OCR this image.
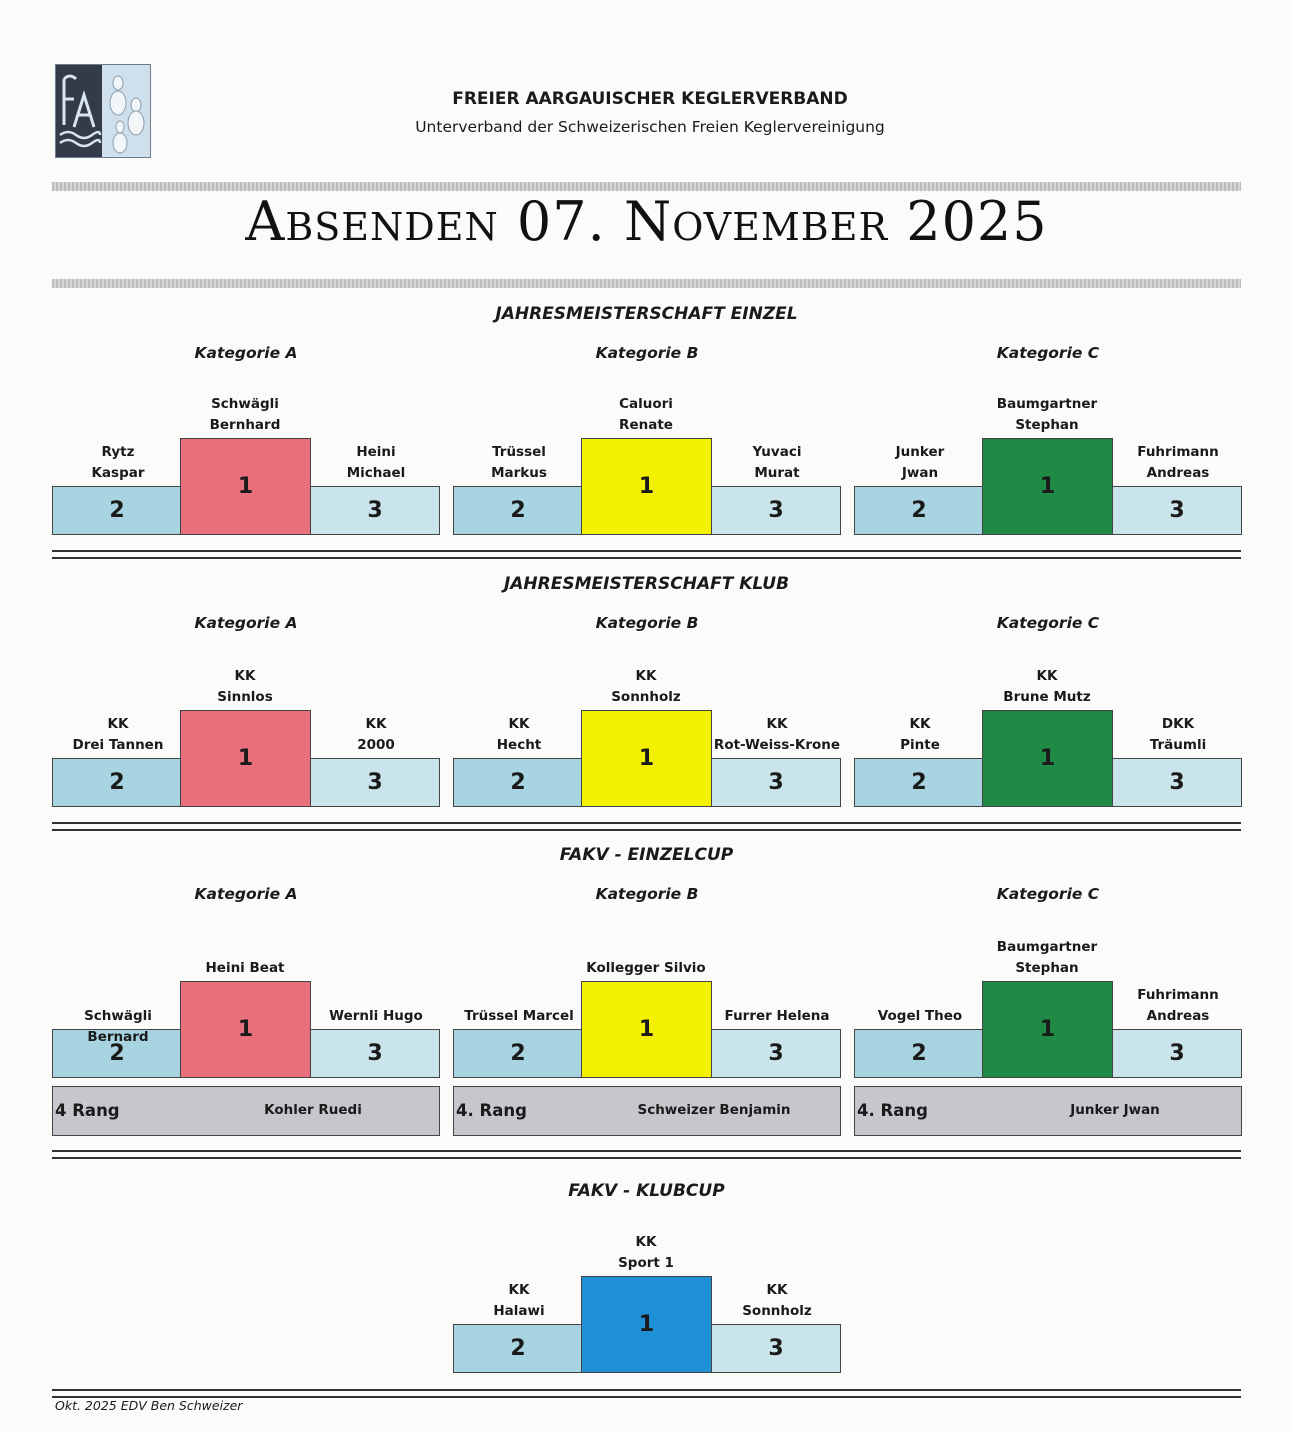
FREIER AARGAUISCHER KEGLERVERBAND
Unterverband der Schweizerischen Freien Keglervereinigung
Absenden 07. November 2025
JAHRESMEISTERSCHAFT EINZEL
Kategorie A
2	3
1
Schwägli
Bernhard
Rytz
Kaspar
Heini
Michael
Kategorie B
2	3
1
Caluori
Renate
Trüssel
Markus
Yuvaci
Murat
Kategorie C
2	3
1
Baumgartner
Stephan
Junker
Jwan
Fuhrimann
Andreas
JAHRESMEISTERSCHAFT KLUB
Kategorie A
2	3
1
KK
Sinnlos
KK
Drei Tannen
KK
2000
Kategorie B
2	3
1
KK
Sonnholz
KK
Hecht
KK
Rot-Weiss-Krone
Kategorie C
2	3
1
KK
Brune Mutz
KK
Pinte
DKK
Träumli
FAKV - EINZELCUP
Kategorie A
2	3
1
Heini Beat
Schwägli Bernard
Wernli Hugo
4 Rang	Kohler Ruedi
Kategorie B
2	3
1
Kollegger Silvio
Trüssel Marcel	Furrer Helena
4. Rang	Schweizer Benjamin
Kategorie C
2	3
1
Baumgartner
Stephan
Vogel Theo
Fuhrimann
Andreas
4. Rang	Junker Jwan
FAKV - KLUBCUP
2	3
1
KK
Sport 1
KK
Halawi
KK
Sonnholz
Okt. 2025 EDV Ben Schweizer
